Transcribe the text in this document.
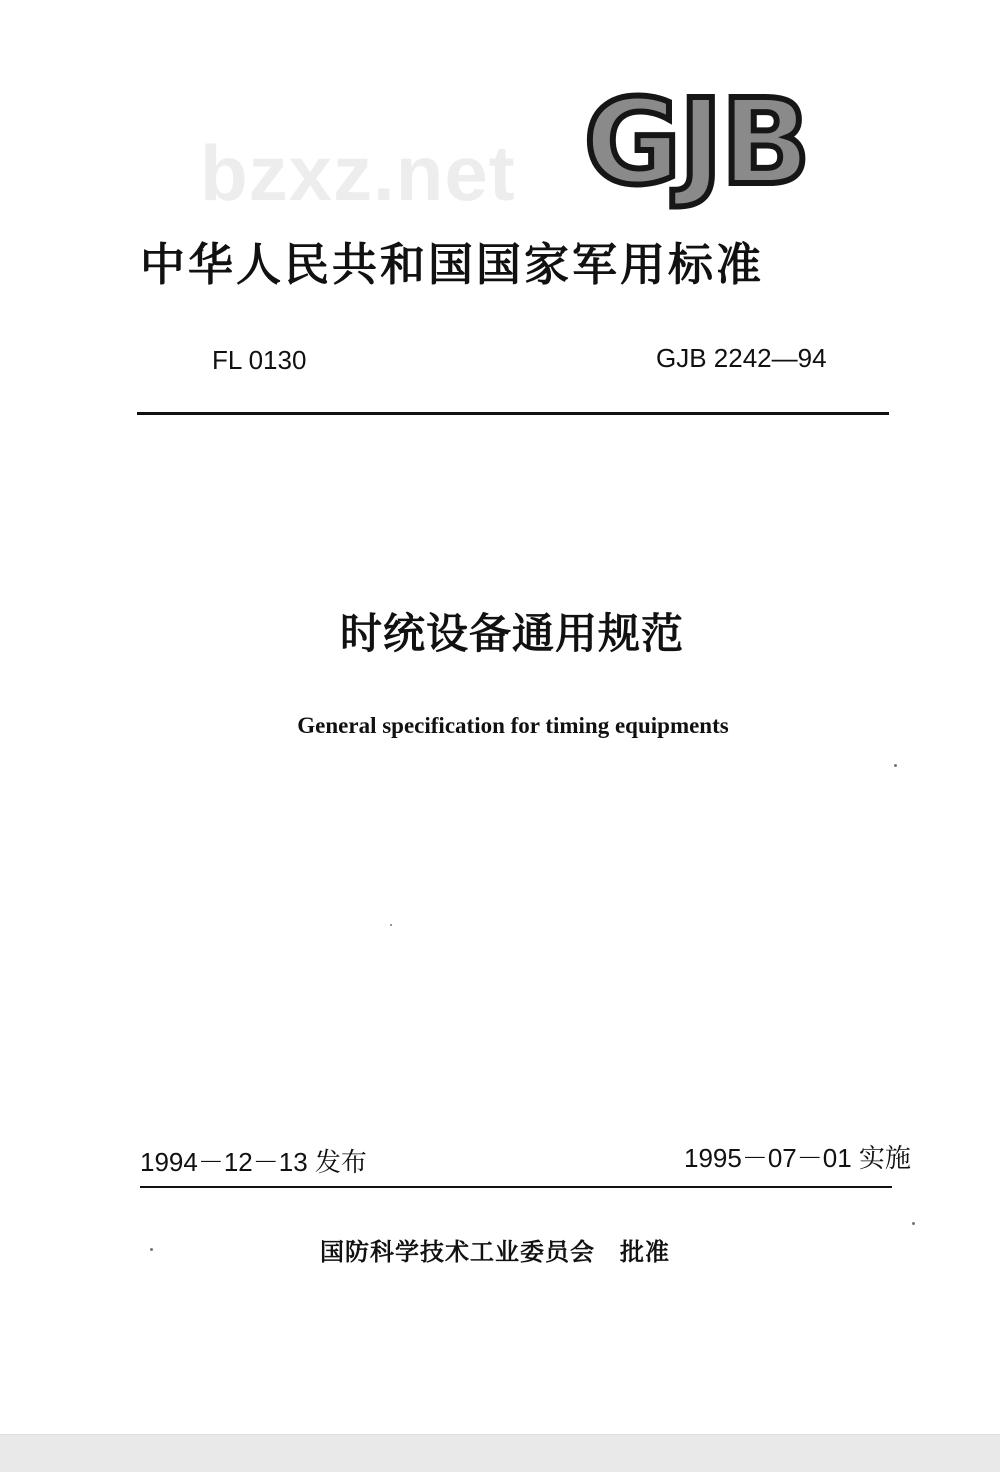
bzxz.net GJB
中华人民共和国国家军用标准
FL 0130	GJB 2242—94
时统设备通用规范
General specification for timing equipments
1994－12－13 发布	1995－07－01 实施
国防科学技术工业委员会　批准
